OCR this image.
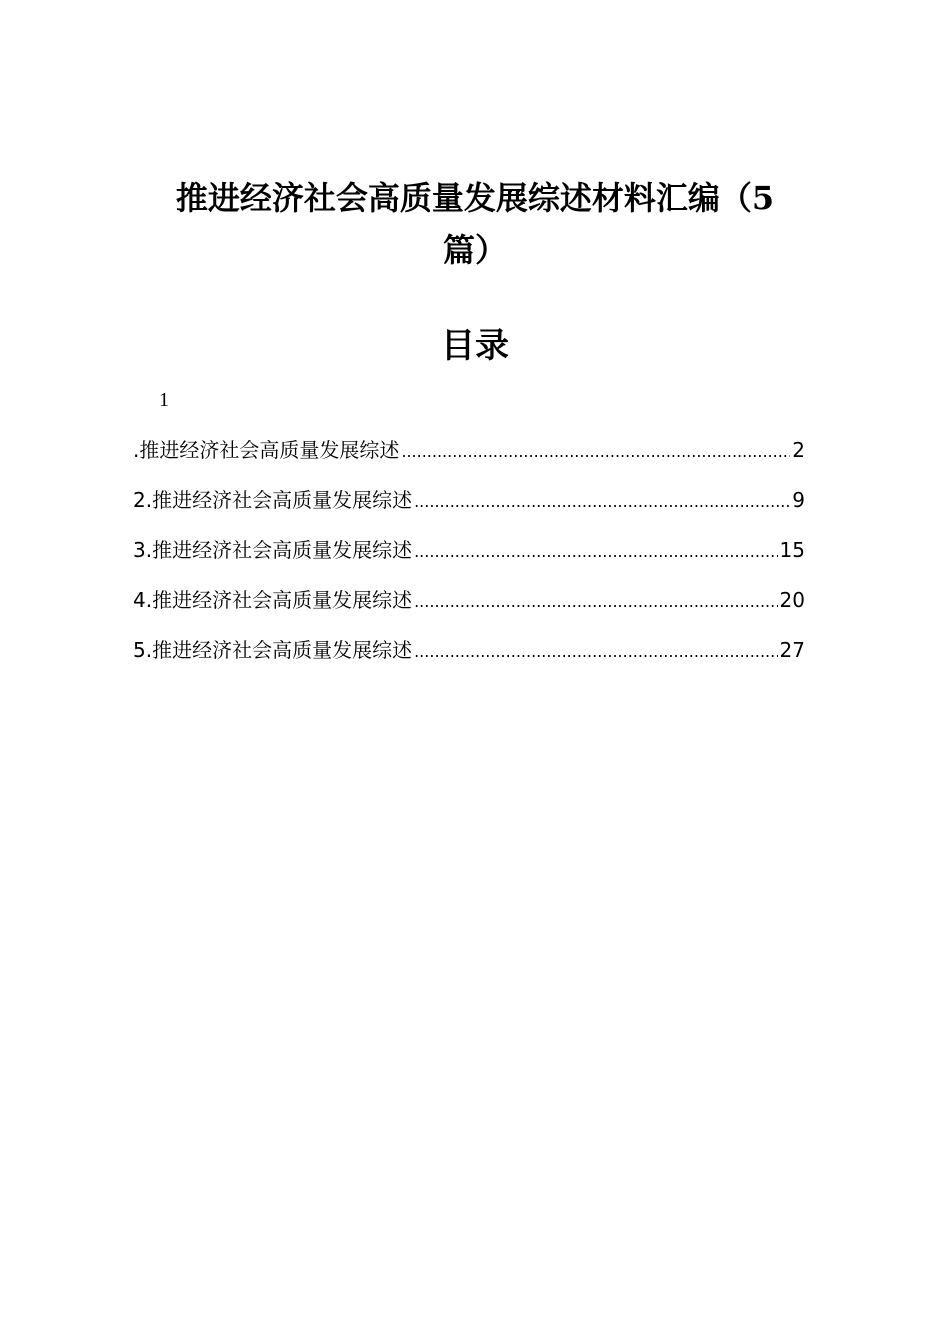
推进经济社会高质量发展综述材料汇编（5
篇）
目录
1
.推进经济社会高质量发展综述 .....	2
2.推进经济社会高质量发展综述 .....	9
3.推进经济社会高质量发展综述 .....	15
4.推进经济社会高质量发展综述 .....	20
5.推进经济社会高质量发展综述 .....	27
